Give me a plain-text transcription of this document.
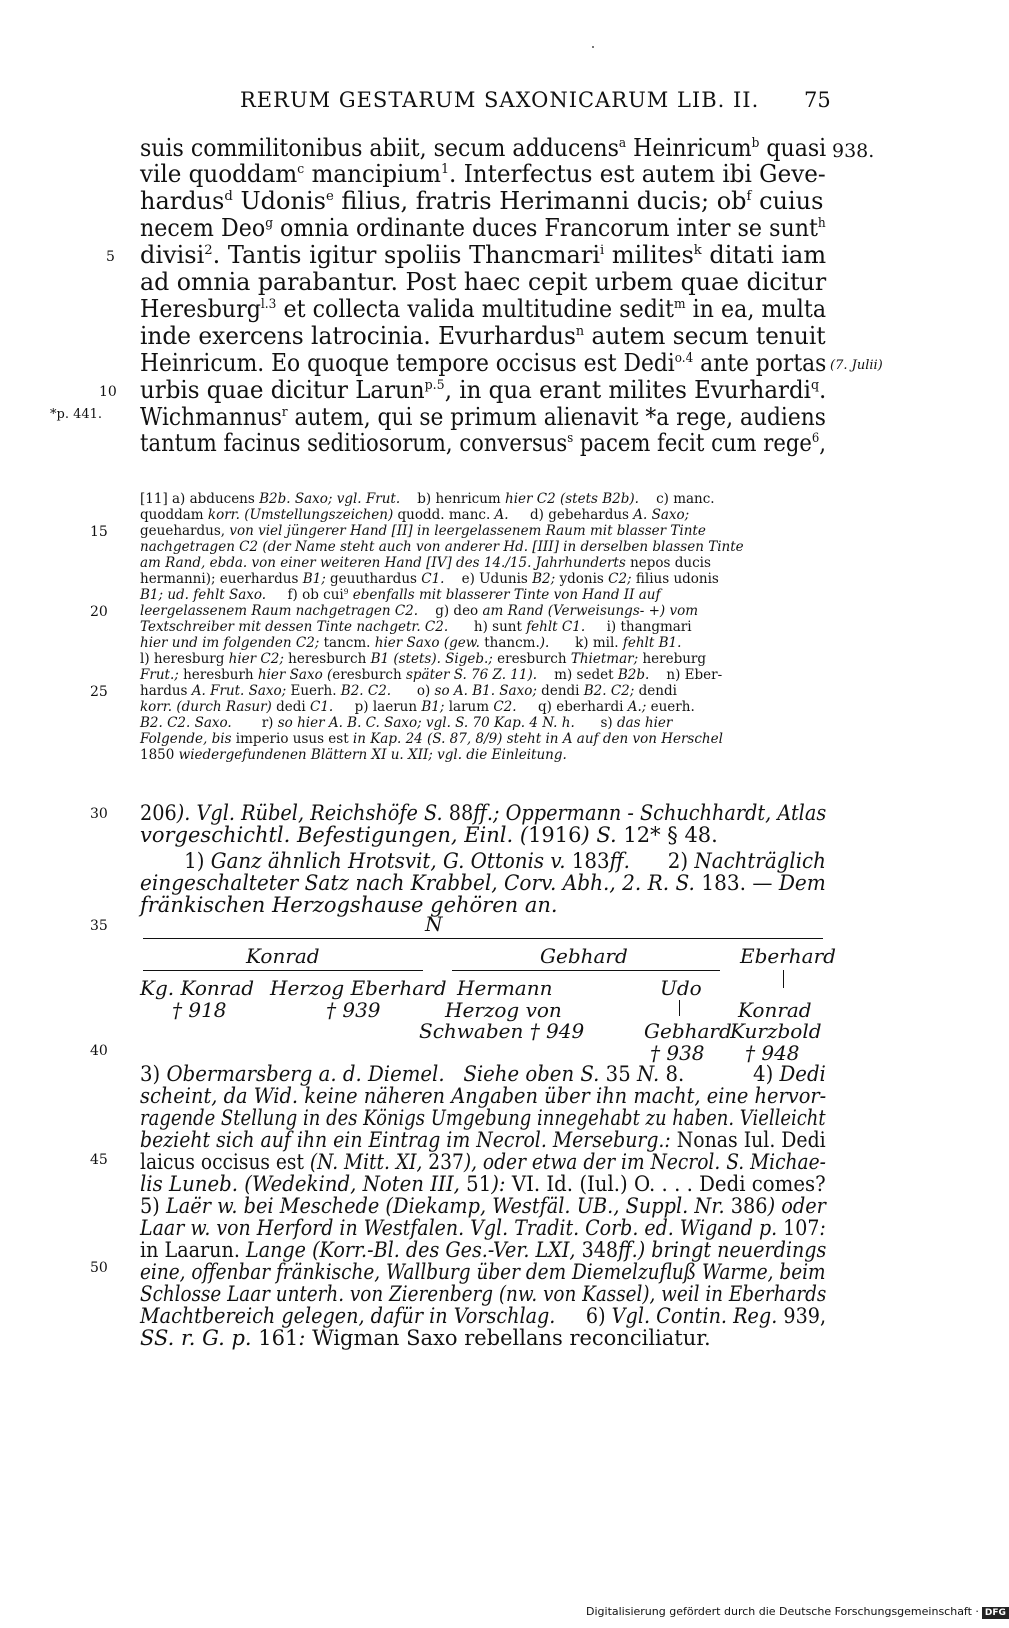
RERUM GESTARUM SAXONICARUM LIB. II. 75
suis commilitonibus abiit, secum adducens$^a$ Heinricum$^b$ quasi
vile quoddam$^c$ mancipium$^1$. Interfectus est autem ibi Geve-
hardus$^d$ Udonis$^e$ filius, fratris Herimanni ducis; $ob^f$ cuius
necem Deo$^g$ omnia ordinante duces Francorum inter se sunt$^h$
divisi$^2$. Tantis igitur spoliis Thancmari$^i$ milites$^k$ ditati iam
ad omnia parabantur. Post haec cepit urbem quae dicitur
Heresburg$^{l.3}$ et collecta valida multitudine sedit$^m$ in ea, multa
inde exercens latrocinia. Evurhardus$^n$ autem secum tenuit
Heinricum. Eo quoque tempore occisus est Dedi$^{o.4}$ ante portas
urbis quae dicitur Larun$^{p.5}$, in qua erant milites Evurhardi$^q$.
Wichmannus$^r$ autem, qui se primum alienavit *a rege, audiens
tantum facinus seditiosorum, conversus$^s$ pacem fecit cum rege$^6$,
938.
(7. Julii)
*p. 441.
5
10
15
20
25
30
35
40
45
50
[11] a) abducens B2b. Saxo; vgl. Frut.    b) henricum hier C2 (stets B2b).    c) manc.
quoddam korr. (Umstellungszeichen) quodd. manc. A.     d) gebehardus A. Saxo;
geuehardus, von viel jüngerer Hand [II] in leergelassenem Raum mit blasser Tinte
nachgetragen C2 (der Name steht auch von anderer Hd. [III] in derselben blassen Tinte
am Rand, ebda. von einer weiteren Hand [IV] des 14./15. Jahrhunderts nepos ducis
hermanni); euerhardus B1; geuuthardus C1.    e) Udunis B2; ydonis C2; filius udonis
B1; ud. fehlt Saxo.     f) ob cui$^9$ ebenfalls mit blasserer Tinte von Hand II auf
leergelassenem Raum nachgetragen C2.    g) deo am Rand (Verweisungs- +) vom
Textschreiber mit dessen Tinte nachgetr. C2.      h) sunt fehlt C1.     i) thangmari
hier und im folgenden C2; tancm. hier Saxo (gew. thancm.).      k) mil. fehlt B1.
l) heresburg hier C2; heresburch B1 (stets). Sigeb.; eresburch Thietmar; hereburg
Frut.; heresburh hier Saxo (eresburch später S. 76 Z. 11).    m) sedet B2b.    n) Eber-
hardus A. Frut. Saxo; Euerh. B2. C2.      o) so A. B1. Saxo; dendi B2. C2; dendi
korr. (durch Rasur) dedi C1.     p) laerun B1; larum C2.     q) eberhardi A.; euerh.
B2. C2. Saxo.       r) so hier A. B. C. Saxo; vgl. S. 70 Kap. 4 N. h.      s) das hier
Folgende, bis imperio usus est in Kap. 24 (S. 87, 8/9) steht in A auf den von Herschel
1850 wiedergefundenen Blättern XI u. XII; vgl. die Einleitung.
206). Vgl. Rübel, Reichshöfe S. 88ff.; Oppermann - Schuchhardt, Atlas
vorgeschichtl. Befestigungen, Einl. (1916) S. 12* § 48.
1) Ganz ähnlich Hrotsvit, G. Ottonis v. 183ff.      2) Nachträglich
eingeschalteter Satz nach Krabbel, Corv. Abh., 2. R. S. 183. — Dem
fränkischen Herzogshause gehören an.
N
Konrad	Gebhard	Eberhard
Kg. Konrad
† 918
Herzog Eberhard
† 939
Hermann
Herzog von
Schwaben † 949
Udo
Gebhard
† 938
Konrad
Kurzbold
† 948
3) Obermarsberg a. d. Diemel. Siehe oben S. 35 N. 8.           4) Dedi
scheint, da Wid. keine näheren Angaben über ihn macht, eine hervor-
ragende Stellung in des Königs Umgebung innegehabt zu haben. Vielleicht
bezieht sich auf ihn ein Eintrag im Necrol. Merseburg.: Nonas Iul. Dedi
laicus occisus est (N. Mitt. XI, 237), oder etwa der im Necrol. S. Michae-
lis Luneb. (Wedekind, Noten III, 51): VI. Id. (Iul.) O. . . . Dedi comes?
5) Laër w. bei Meschede (Diekamp, Westfäl. UB., Suppl. Nr. 386) oder
Laar w. von Herford in Westfalen. Vgl. Tradit. Corb. ed. Wigand p. 107:
in Laarun. Lange (Korr.-Bl. des Ges.-Ver. LXI, 348ff.) bringt neuerdings
eine, offenbar fränkische, Wallburg über dem Diemelzufluß Warme, beim
Schlosse Laar unterh. von Zierenberg (nw. von Kassel), weil in Eberhards
Machtbereich gelegen, dafür in Vorschlag.     6) Vgl. Contin. Reg. 939,
SS. r. G. p. 161: Wigman Saxo rebellans reconciliatur.
Digitalisierung gefördert durch die Deutsche Forschungsgemeinschaft · DFG
